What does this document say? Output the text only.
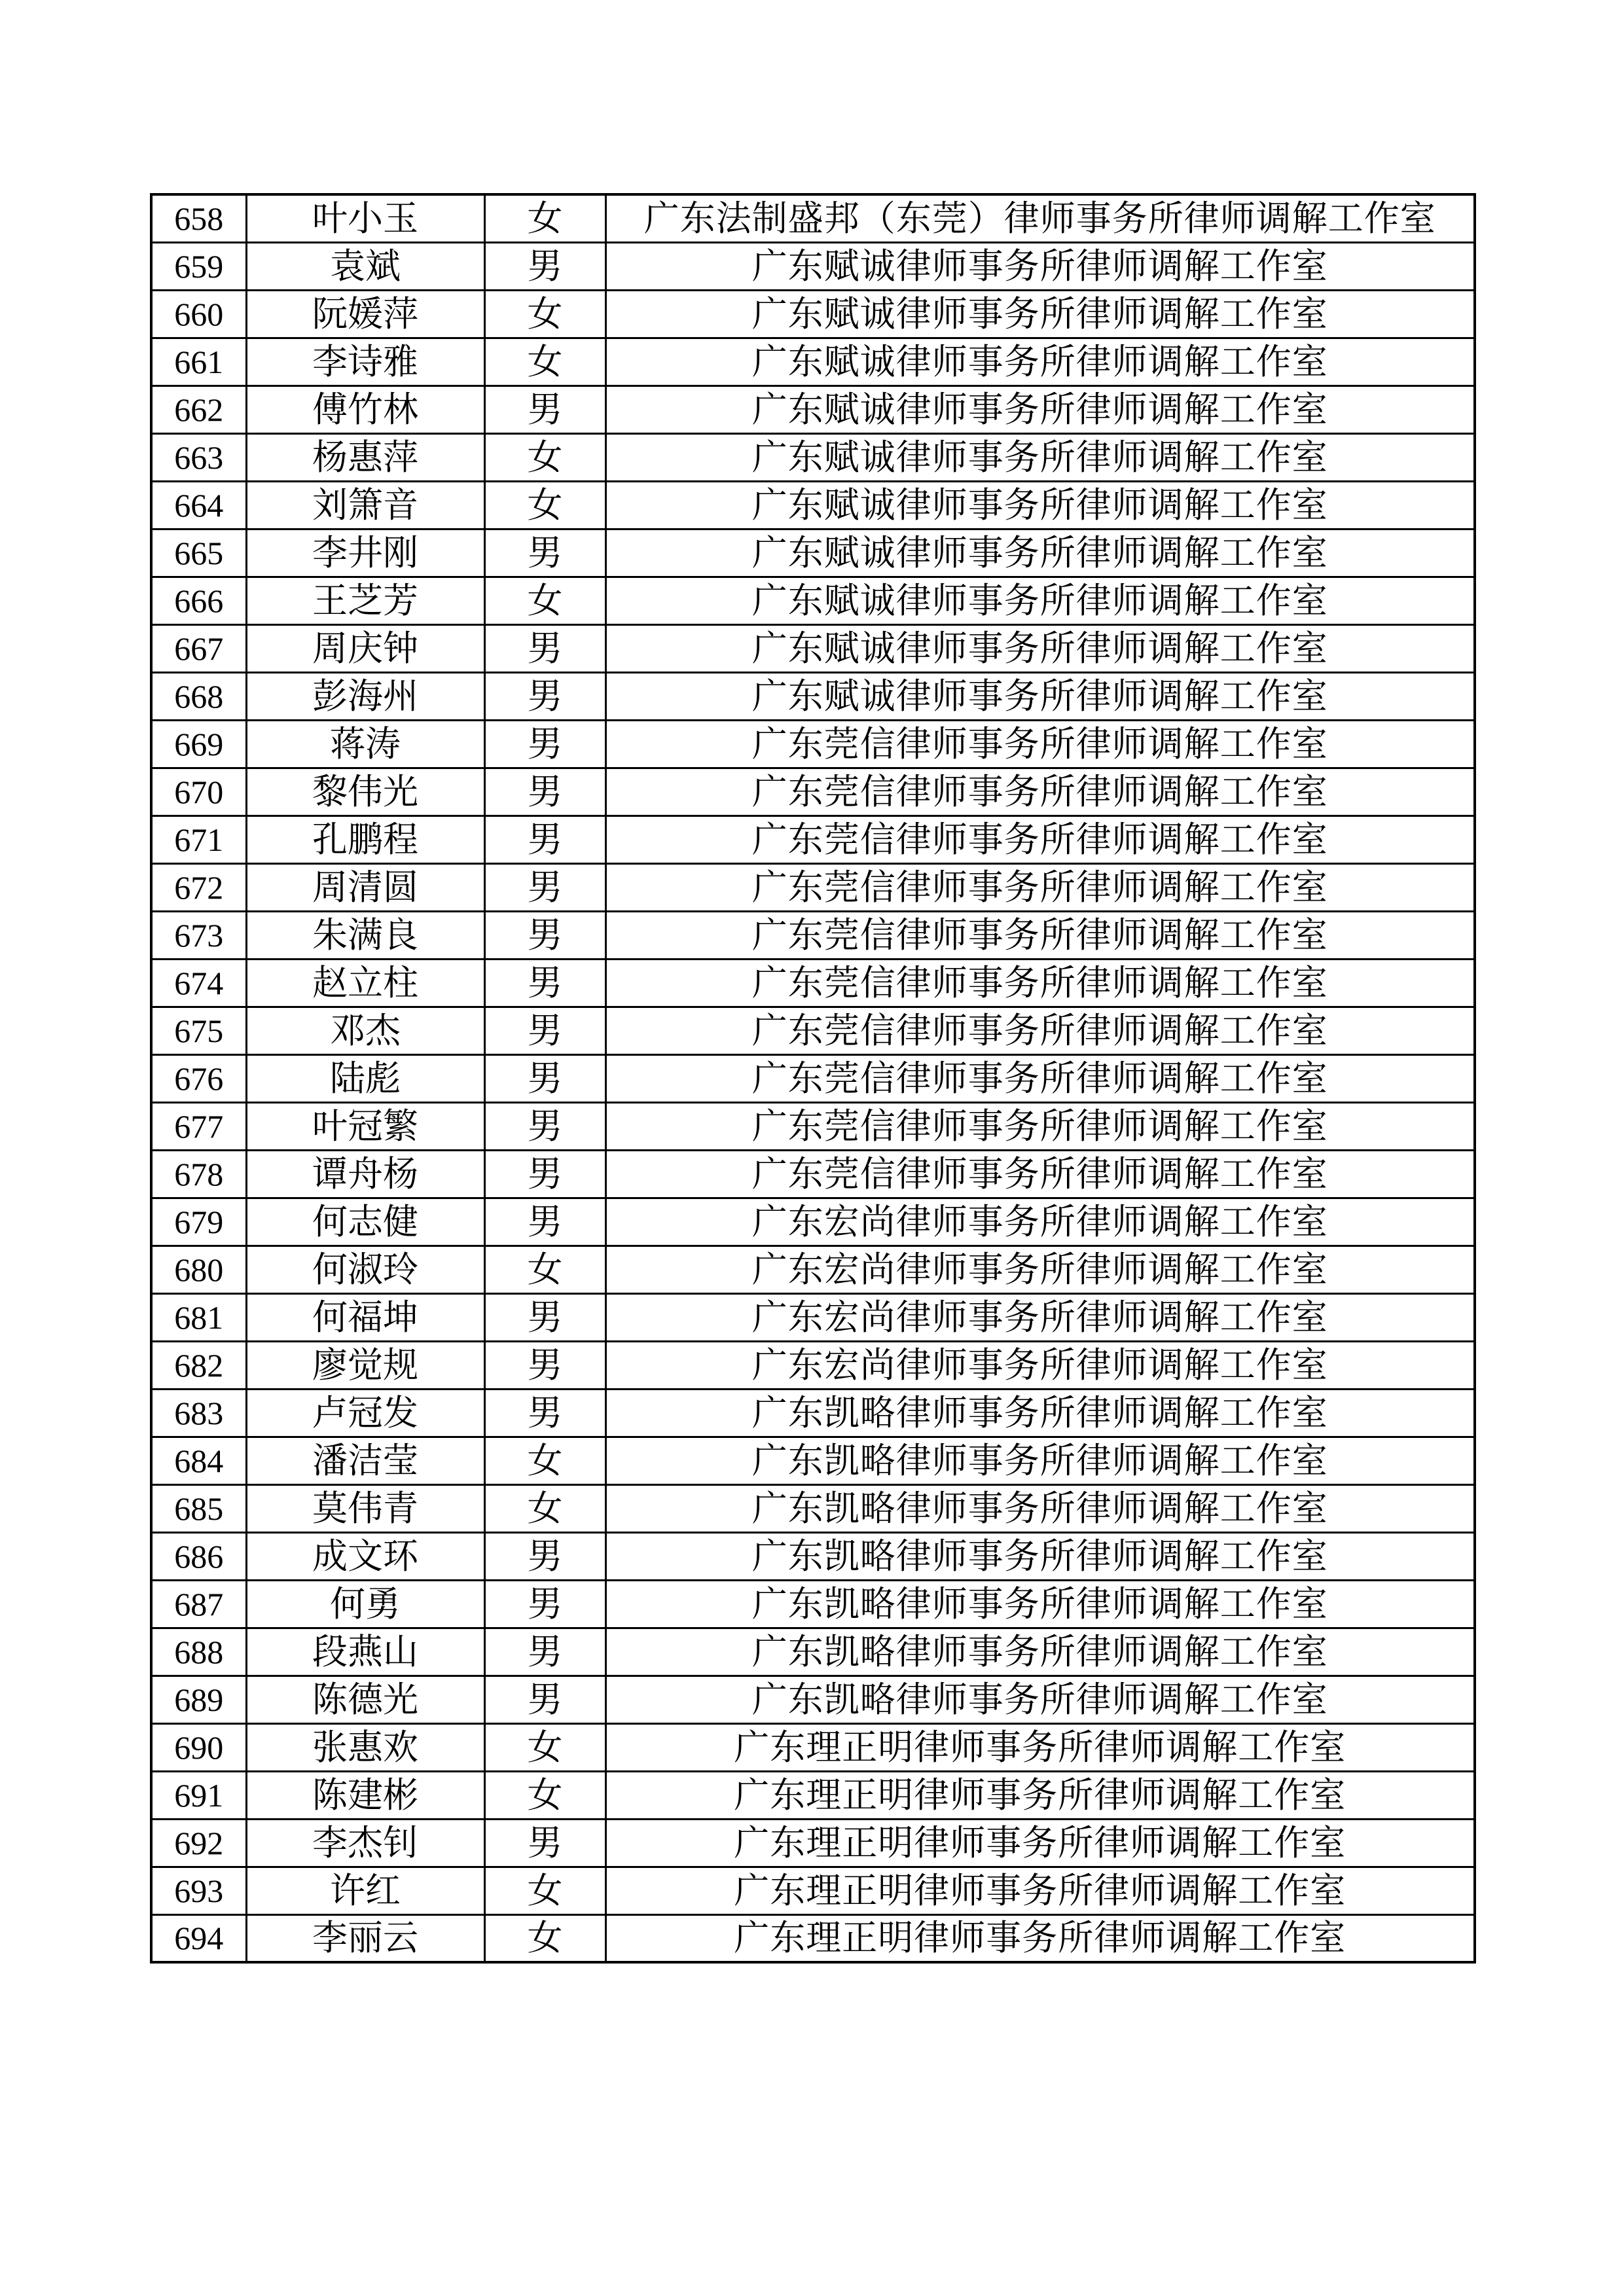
658	叶小玉	女	广东法制盛邦（东莞）律师事务所律师调解工作室
659	袁斌	男	广东赋诚律师事务所律师调解工作室
660	阮媛萍	女	广东赋诚律师事务所律师调解工作室
661	李诗雅	女	广东赋诚律师事务所律师调解工作室
662	傅竹林	男	广东赋诚律师事务所律师调解工作室
663	杨惠萍	女	广东赋诚律师事务所律师调解工作室
664	刘箫音	女	广东赋诚律师事务所律师调解工作室
665	李井刚	男	广东赋诚律师事务所律师调解工作室
666	王芝芳	女	广东赋诚律师事务所律师调解工作室
667	周庆钟	男	广东赋诚律师事务所律师调解工作室
668	彭海州	男	广东赋诚律师事务所律师调解工作室
669	蒋涛	男	广东莞信律师事务所律师调解工作室
670	黎伟光	男	广东莞信律师事务所律师调解工作室
671	孔鹏程	男	广东莞信律师事务所律师调解工作室
672	周清圆	男	广东莞信律师事务所律师调解工作室
673	朱满良	男	广东莞信律师事务所律师调解工作室
674	赵立柱	男	广东莞信律师事务所律师调解工作室
675	邓杰	男	广东莞信律师事务所律师调解工作室
676	陆彪	男	广东莞信律师事务所律师调解工作室
677	叶冠繁	男	广东莞信律师事务所律师调解工作室
678	谭舟杨	男	广东莞信律师事务所律师调解工作室
679	何志健	男	广东宏尚律师事务所律师调解工作室
680	何淑玲	女	广东宏尚律师事务所律师调解工作室
681	何福坤	男	广东宏尚律师事务所律师调解工作室
682	廖觉规	男	广东宏尚律师事务所律师调解工作室
683	卢冠发	男	广东凯略律师事务所律师调解工作室
684	潘洁莹	女	广东凯略律师事务所律师调解工作室
685	莫伟青	女	广东凯略律师事务所律师调解工作室
686	成文环	男	广东凯略律师事务所律师调解工作室
687	何勇	男	广东凯略律师事务所律师调解工作室
688	段燕山	男	广东凯略律师事务所律师调解工作室
689	陈德光	男	广东凯略律师事务所律师调解工作室
690	张惠欢	女	广东理正明律师事务所律师调解工作室
691	陈建彬	女	广东理正明律师事务所律师调解工作室
692	李杰钊	男	广东理正明律师事务所律师调解工作室
693	许红	女	广东理正明律师事务所律师调解工作室
694	李丽云	女	广东理正明律师事务所律师调解工作室
